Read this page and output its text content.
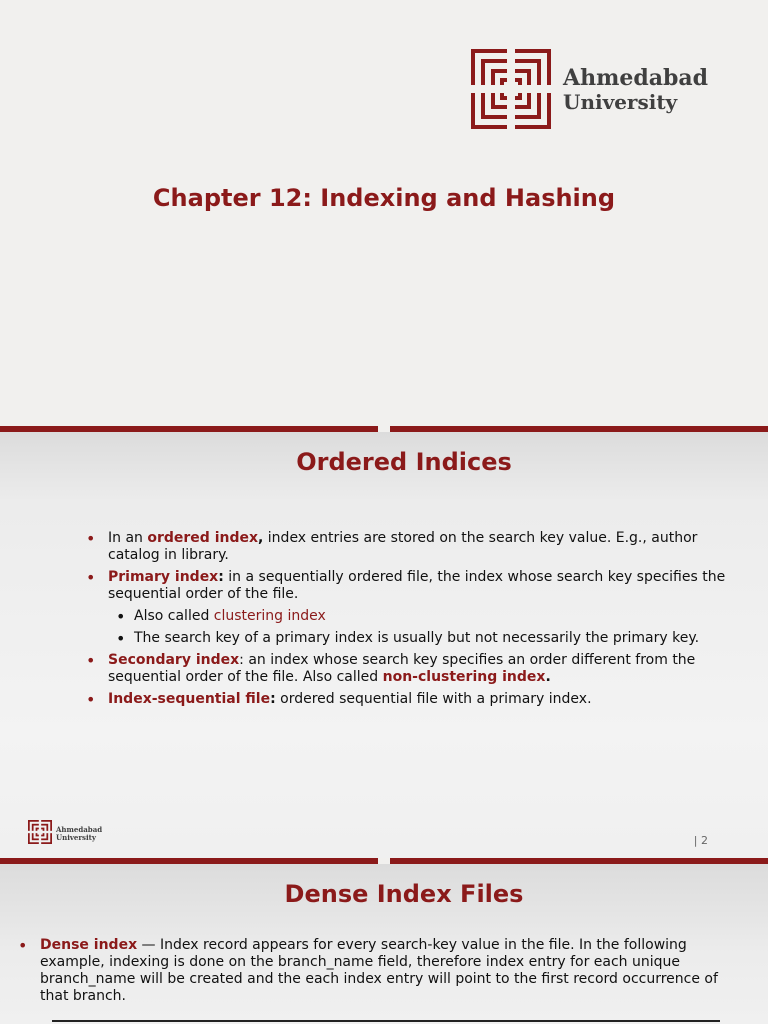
Ahmedabad
University
Chapter 12: Indexing and Hashing
Ordered Indices
• In an ordered index, index entries are stored on the search key value. E.g., author catalog in library.
• Primary index: in a sequentially ordered file, the index whose search key specifies the sequential order of the file.
• Also called clustering index
• The search key of a primary index is usually but not necessarily the primary key.
• Secondary index: an index whose search key specifies an order different from the sequential order of the file. Also called non-clustering index.
• Index-sequential file: ordered sequential file with a primary index.
Ahmedabad
University	| 2
Dense Index Files
• Dense index — Index record appears for every search-key value in the file. In the following example, indexing is done on the branch_name field, therefore index entry for each unique branch_name will be created and the each index entry will point to the first record occurrence of that branch.
